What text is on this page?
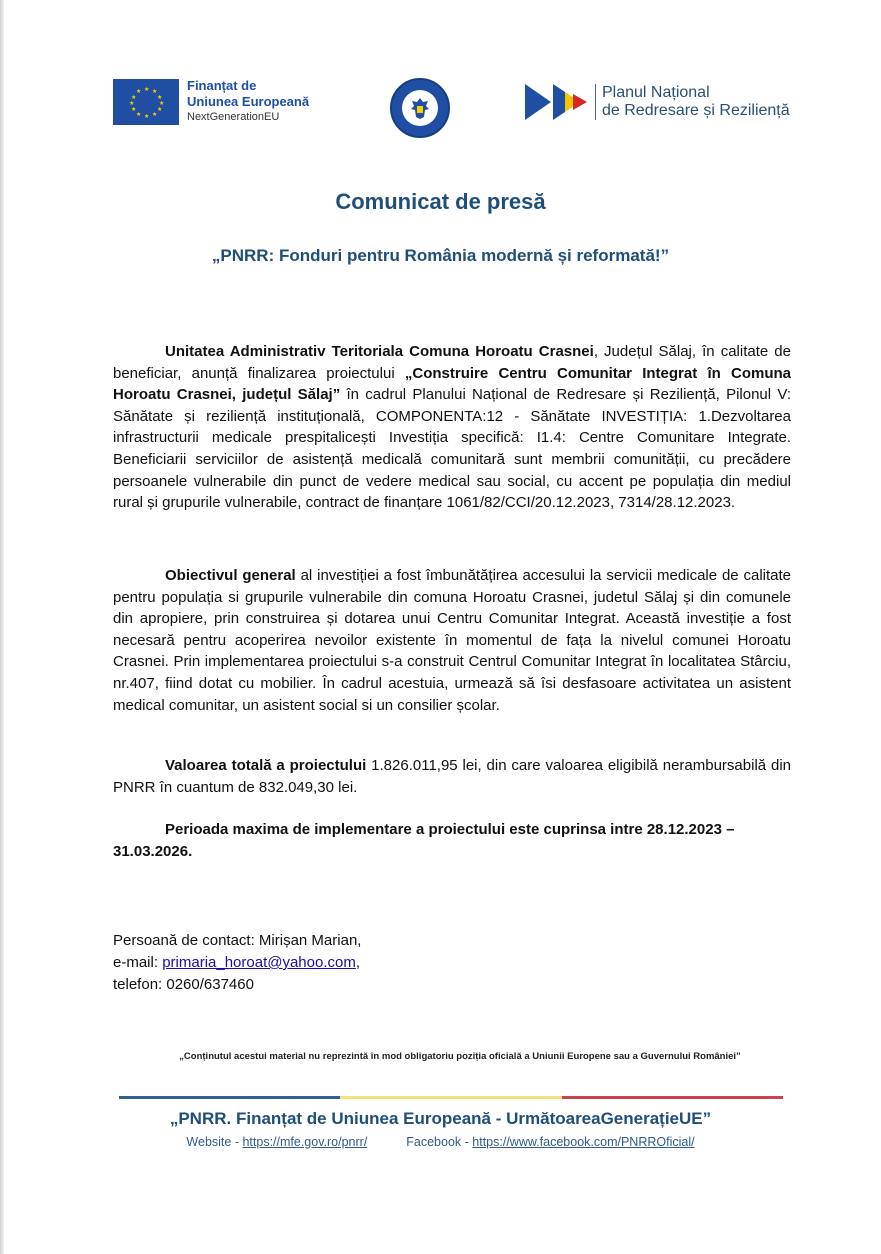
★ ★
★
★
★
★
★
★
★
★
★
★	Finanțat de
Uniunea Europeană
NextGenerationEU
Planul Național
de Redresare și Reziliență
Comunicat de presă
„PNRR: Fonduri pentru România modernă și reformată!”
Unitatea Administrativ Teritoriala Comuna Horoatu Crasnei, Județul Sălaj, în calitate de beneficiar, anunță finalizarea proiectului „Construire Centru Comunitar Integrat în Comuna Horoatu Crasnei, județul Sălaj” în cadrul Planului Național de Redresare și Reziliență, Pilonul V: Sănătate și reziliență instituțională, COMPONENTA:12 - Sănătate INVESTIȚIA: 1.Dezvoltarea infrastructurii medicale prespitalicești Investiția specifică: I1.4: Centre Comunitare Integrate. Beneficiarii serviciilor de asistență medicală comunitară sunt membrii comunității, cu precădere persoanele vulnerabile din punct de vedere medical sau social, cu accent pe populația din mediul rural și grupurile vulnerabile, contract de finanțare 1061/82/CCI/20.12.2023, 7314/28.12.2023.
Obiectivul general al investiției a fost îmbunătățirea accesului la servicii medicale de calitate pentru populația si grupurile vulnerabile din comuna Horoatu Crasnei, judetul Sălaj și din comunele din apropiere, prin construirea și dotarea unui Centru Comunitar Integrat. Această investiție a fost necesară pentru acoperirea nevoilor existente în momentul de fața la nivelul comunei Horoatu Crasnei. Prin implementarea proiectului s-a construit Centrul Comunitar Integrat în localitatea Stârciu, nr.407, fiind dotat cu mobilier. În cadrul acestuia, urmează să îsi desfasoare activitatea un asistent medical comunitar, un asistent social si un consilier școlar.
Valoarea totală a proiectului 1.826.011,95 lei, din care valoarea eligibilă nerambursabilă din PNRR în cuantum de 832.049,30 lei.
Perioada maxima de implementare a proiectului este cuprinsa intre 28.12.2023 – 31.03.2026.
Persoană de contact: Mirișan Marian,
e-mail: primaria_horoat@yahoo.com,
telefon: 0260/637460
„Conținutul acestui material nu reprezintă în mod obligatoriu poziția oficială a Uniunii Europene sau a Guvernului României”
„PNRR. Finanțat de Uniunea Europeană - UrmătoareaGenerațieUE”
Website - https://mfe.gov.ro/pnrr/	Facebook - https://www.facebook.com/PNRROficial/
